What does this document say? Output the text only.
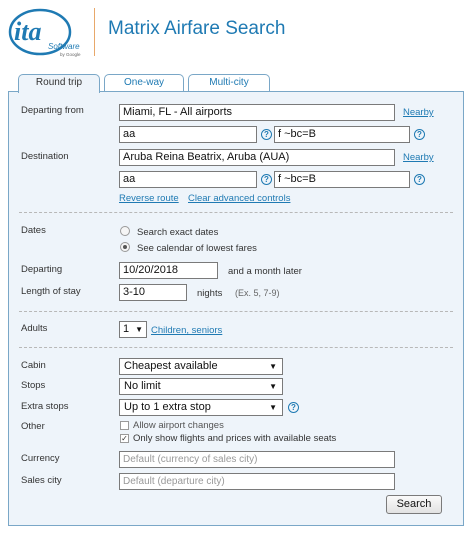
ita
Software
by Google
Matrix Airfare Search
Round trip	One-way	Multi-city
Departing from	Miami, FL - All airports	Nearby
aa	? f ~bc=B	?
Destination	Aruba Reina Beatrix, Aruba (AUA)	Nearby
aa	? f ~bc=B	?
Reverse route Clear advanced controls
Dates	Search exact dates
See calendar of lowest fares
Departing	10/20/2018	and a month later
Length of stay	3-10	nights (Ex. 5, 7-9)
Adults	1 ▼ Children, seniors
Cabin	Cheapest available	▼
Stops	No limit	▼
Extra stops	Up to 1 extra stop	▼	?
Other	Allow airport changes
✓ Only show flights and prices with available seats
Currency	Default (currency of sales city)
Sales city	Default (departure city)
Search
